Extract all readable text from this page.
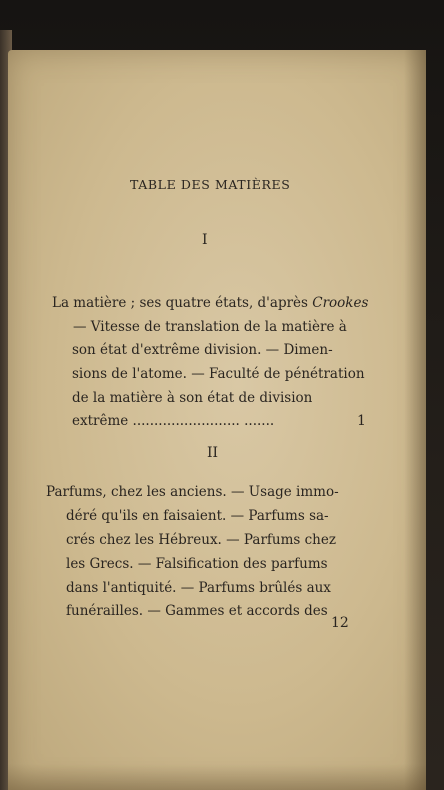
TABLE DES MATIÈRES
I
La matière ; ses quatre états, d'après Crookes
— Vitesse de translation de la matière à
son état d'extrême division. — Dimen-
sions de l'atome. — Faculté de pénétration
de la matière à son état de division
extrême ......................... .......	1
II
Parfums, chez les anciens. — Usage immo-
déré qu'ils en faisaient. — Parfums sa-
crés chez les Hébreux. — Parfums chez
les Grecs. — Falsification des parfums
dans l'antiquité. — Parfums brûlés aux
funérailles. — Gammes et accords des
12
